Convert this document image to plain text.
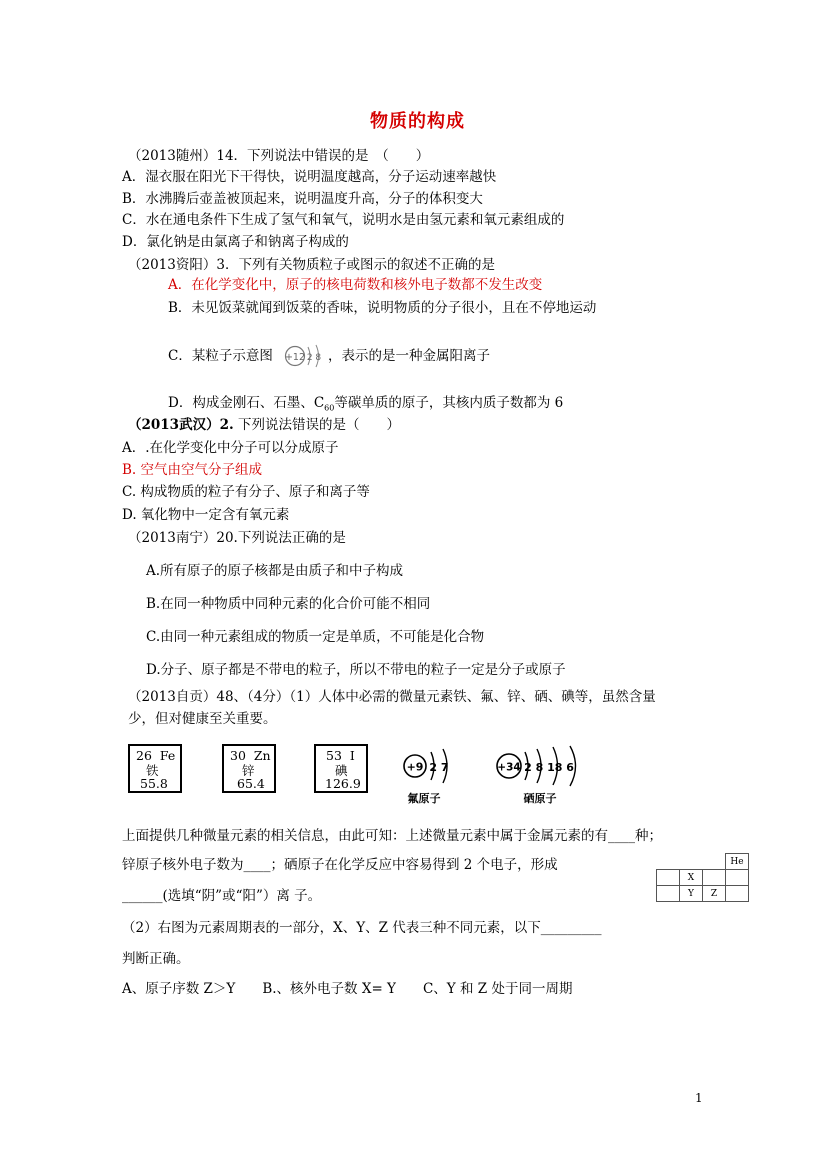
物质的构成
（2013随州）14．下列说法中错误的是　（　　）
A．湿衣服在阳光下干得快，说明温度越高，分子运动速率越快
B．水沸腾后壶盖被顶起来，说明温度升高，分子的体积变大
C．水在通电条件下生成了氢气和氧气，说明水是由氢元素和氧元素组成的
D．氯化钠是由氯离子和钠离子构成的
（2013资阳）3．下列有关物质粒子或图示的叙述不正确的是
A．在化学变化中，原子的核电荷数和核外电子数都不发生改变
B．未见饭菜就闻到饭菜的香味，说明物质的分子很小，且在不停地运动
C．某粒子示意图 +12 2 8 ，表示的是一种金属阳离子
D．构成金刚石、石墨、$C_{60}$等碳单质的原子，其核内质子数都为 6
（2013武汉）2. 下列说法错误的是（　　）
A．.在化学变化中分子可以分成原子
B. 空气由空气分子组成
C. 构成物质的粒子有分子、原子和离子等
D. 氧化物中一定含有氧元素
（2013南宁）20.下列说法正确的是
A.所有原子的原子核都是由质子和中子构成
B.在同一种物质中同种元素的化合价可能不相同
C.由同一种元素组成的物质一定是单质，不可能是化合物
D.分子、原子都是不带电的粒子，所以不带电的粒子一定是分子或原子
（2013自贡）48、（4分）（1）人体中必需的微量元素铁、氟、锌、硒、碘等，虽然含量
少，但对健康至关重要。
26 Fe
铁
55.8
30 Zn
锌
65.4
53 I
碘
126.9
+9 2 7
氟原子
+34 2 8 18 6
硒原子
上面提供几种微量元素的相关信息，由此可知：上述微量元素中属于金属元素的有____种；
锌原子核外电子数为____；硒原子在化学反应中容易得到 2 个电子，形成
______(选填“阴”或“阳”）离 子。
（2）右图为元素周期表的一部分，X、Y、Z 代表三种不同元素，以下_________
判断正确。
A、原子序数 Z＞Y　　B.、核外电子数 X= Y　　C、Y 和 Z 处于同一周期
			He
	X		
	Y	Z	
1
